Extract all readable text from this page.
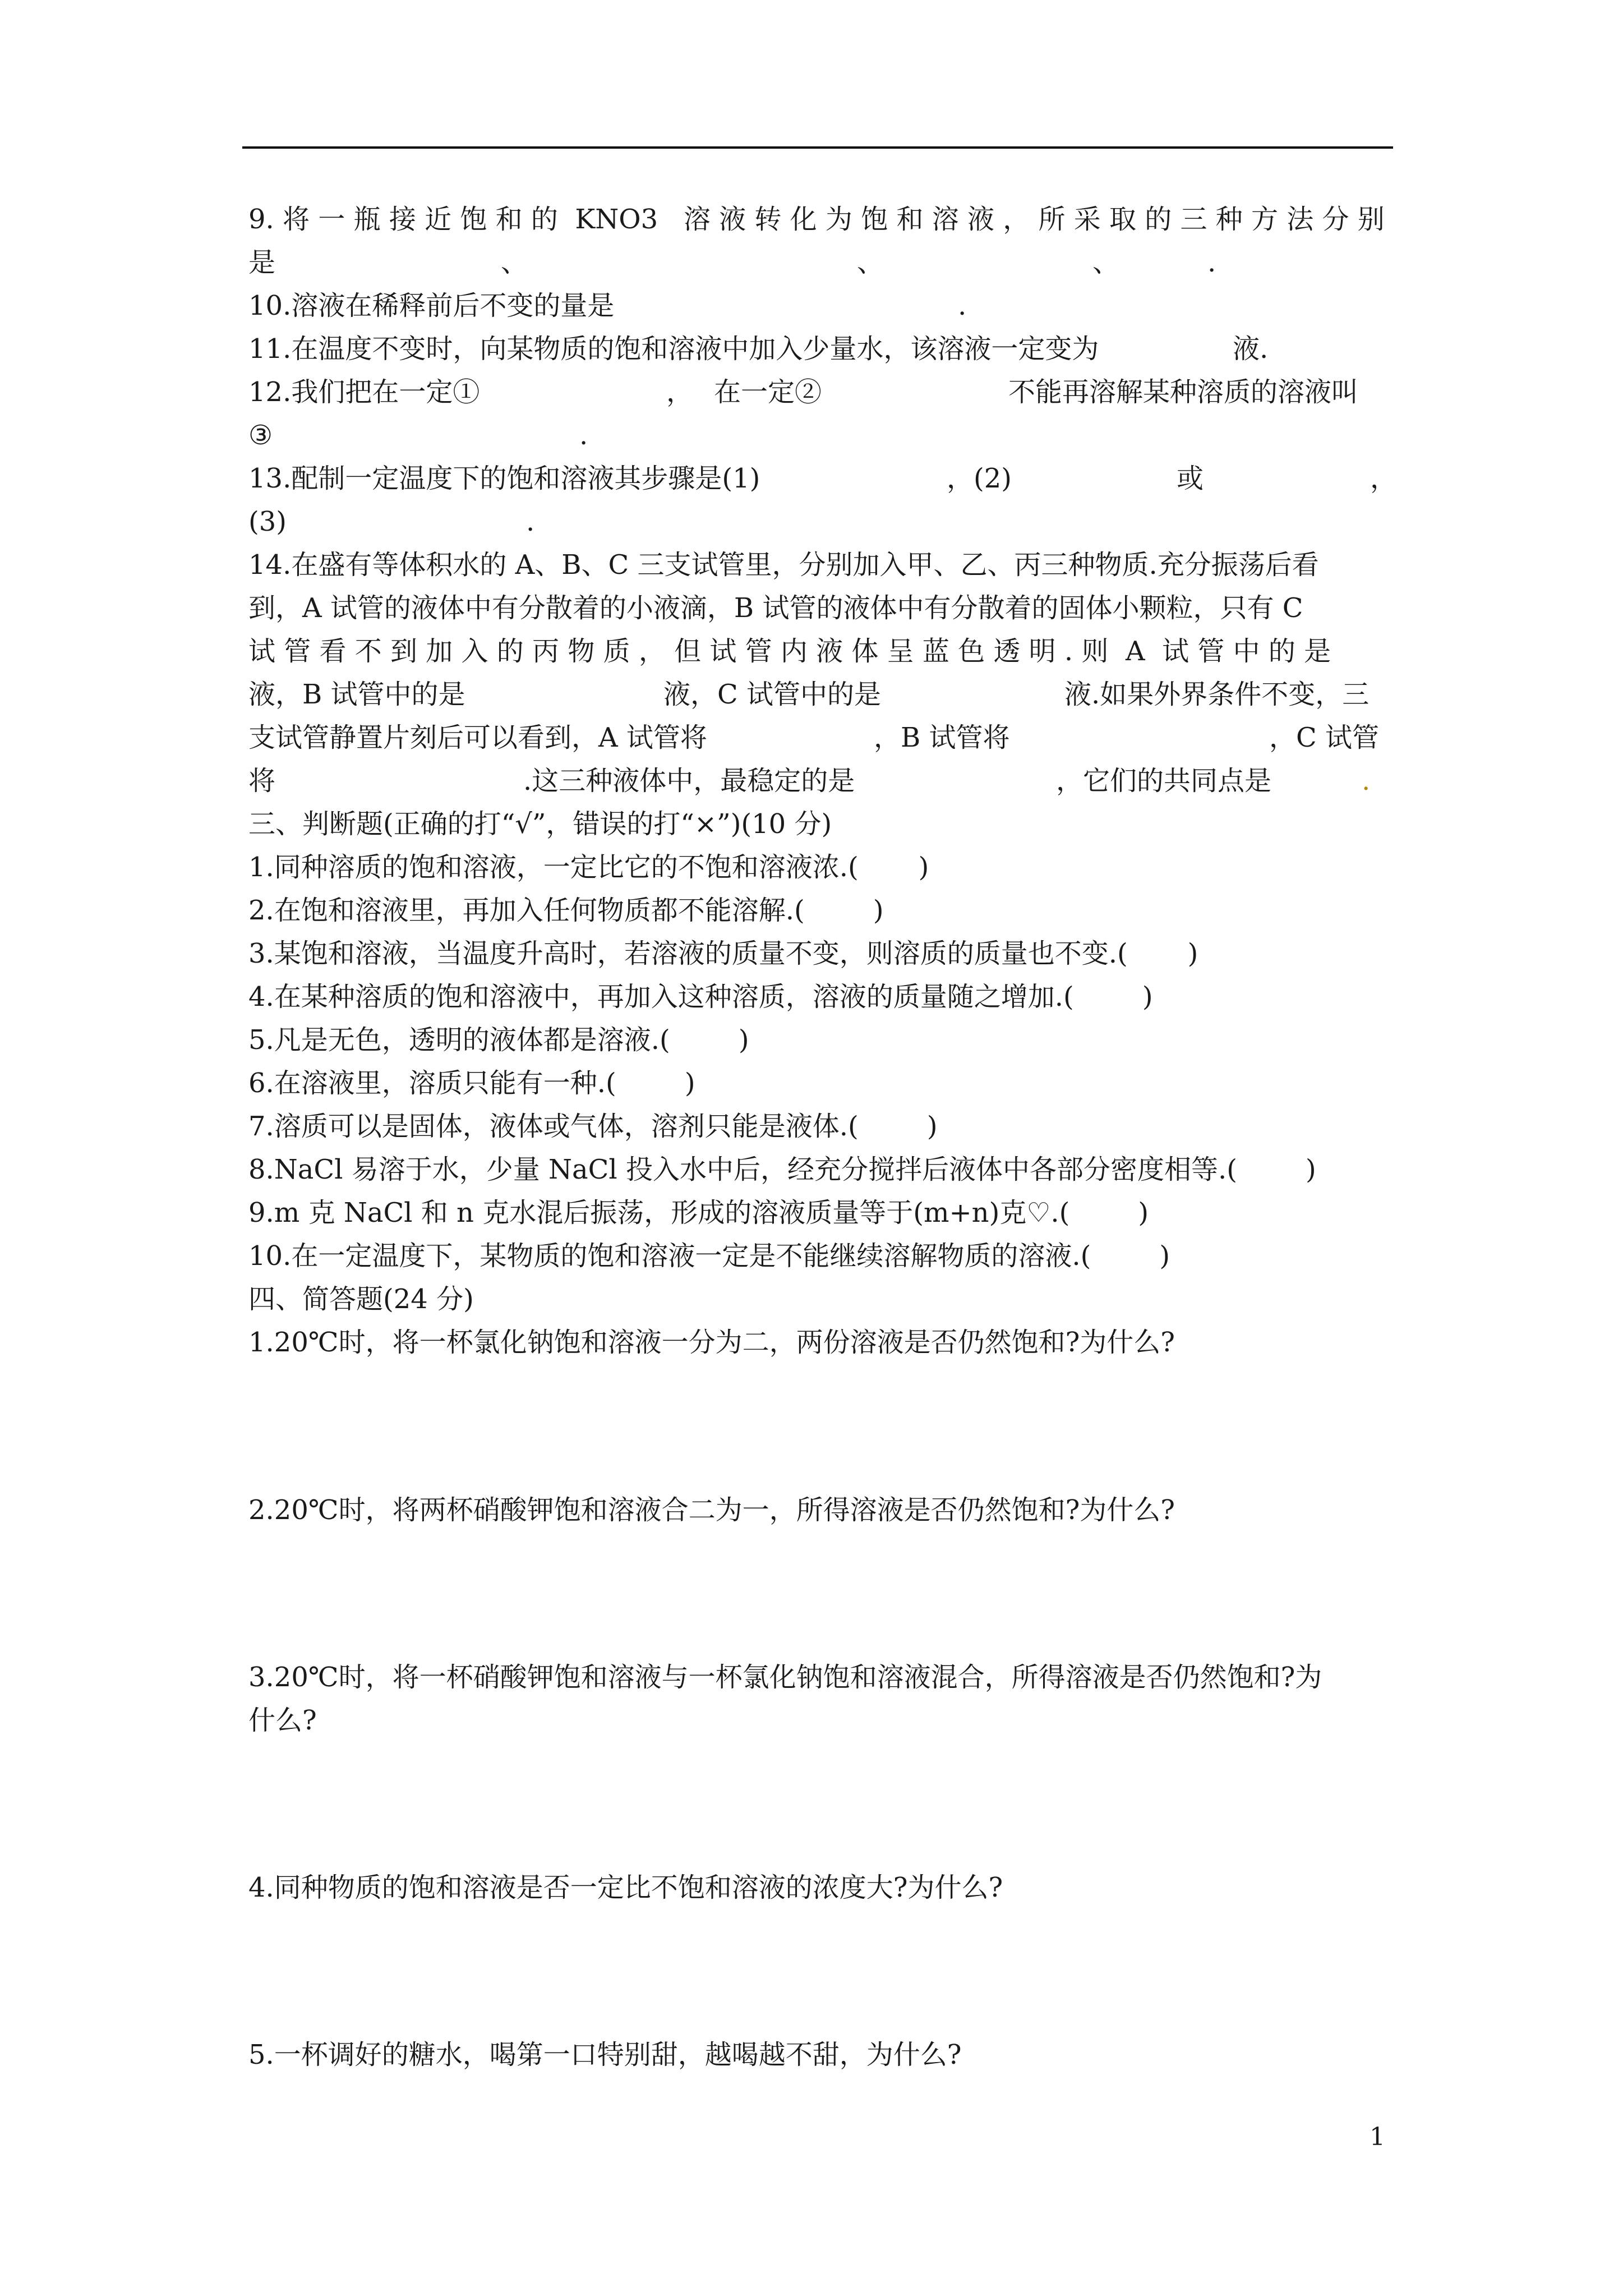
9. 将 一 瓶 接 近 饱 和 的  KNO3   溶 液 转 化 为 饱 和 溶 液 ， 所 采 取 的 三 种 方 法 分 别
是	、	、	、	.
10.溶液在稀释前后不变的量是	.
11.在温度不变时，向某物质的饱和溶液中加入少量水，该溶液一定变为	液.
12.我们把在一定①	， 在一定②	不能再溶解某种溶质的溶液叫
③	.
13.配制一定温度下的饱和溶液其步骤是(1)	，(2)	或	，
(3)	.
14.在盛有等体积水的 A、B、C 三支试管里，分别加入甲、乙、丙三种物质.充分振荡后看
到，A 试管的液体中有分散着的小液滴，B 试管的液体中有分散着的固体小颗粒，只有 C
试 管 看 不 到 加 入 的 丙 物 质 ， 但 试 管 内 液 体 呈 蓝 色 透 明 . 则  A  试 管 中 的 是
液，B 试管中的是	液，C 试管中的是	液.如果外界条件不变，三
支试管静置片刻后可以看到，A 试管将	，B 试管将	，C 试管
将	.这三种液体中，最稳定的是	，它们的共同点是	.
三、判断题(正确的打“√”，错误的打“×”)(10 分)
1.同种溶质的饱和溶液，一定比它的不饱和溶液浓.(       )
2.在饱和溶液里，再加入任何物质都不能溶解.(        )
3.某饱和溶液，当温度升高时，若溶液的质量不变，则溶质的质量也不变.(       )
4.在某种溶质的饱和溶液中，再加入这种溶质，溶液的质量随之增加.(        )
5.凡是无色，透明的液体都是溶液.(        )
6.在溶液里，溶质只能有一种.(        )
7.溶质可以是固体，液体或气体，溶剂只能是液体.(        )
8.NaCl 易溶于水，少量 NaCl 投入水中后，经充分搅拌后液体中各部分密度相等.(        )
9.m 克 NaCl 和 n 克水混后振荡，形成的溶液质量等于(m+n)克♡.(        )
10.在一定温度下，某物质的饱和溶液一定是不能继续溶解物质的溶液.(        )
四、简答题(24 分)
1.20℃时，将一杯氯化钠饱和溶液一分为二，两份溶液是否仍然饱和?为什么?
2.20℃时，将两杯硝酸钾饱和溶液合二为一，所得溶液是否仍然饱和?为什么?
3.20℃时，将一杯硝酸钾饱和溶液与一杯氯化钠饱和溶液混合，所得溶液是否仍然饱和?为
什么?
4.同种物质的饱和溶液是否一定比不饱和溶液的浓度大?为什么?
5.一杯调好的糖水，喝第一口特别甜，越喝越不甜，为什么?
1
